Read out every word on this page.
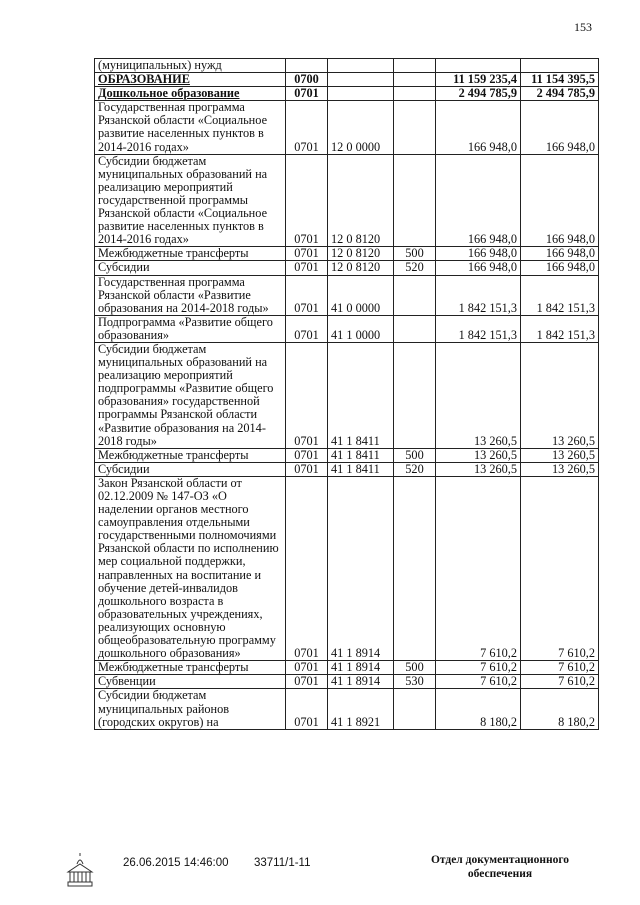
153
(муниципальных) нужд					
ОБРАЗОВАНИЕ	0700			11 159 235,4	11 154 395,5
Дошкольное образование	0701			2 494 785,9	2 494 785,9
Государственная программа Рязанской области «Социальное развитие населенных пунктов в 2014-2016 годах»	0701	12 0 0000		166 948,0	166 948,0
Субсидии бюджетам муниципальных образований на реализацию мероприятий государственной программы Рязанской области «Социальное развитие населенных пунктов в 2014-2016 годах»	0701	12 0 8120		166 948,0	166 948,0
Межбюджетные трансферты	0701	12 0 8120	500	166 948,0	166 948,0
Субсидии	0701	12 0 8120	520	166 948,0	166 948,0
Государственная программа Рязанской области «Развитие образования на 2014-2018 годы»	0701	41 0 0000		1 842 151,3	1 842 151,3
Подпрограмма «Развитие общего образования»	0701	41 1 0000		1 842 151,3	1 842 151,3
Субсидии бюджетам муниципальных образований на реализацию мероприятий подпрограммы «Развитие общего образования» государственной программы Рязанской области «Развитие образования на 2014-2018 годы»	0701	41 1 8411		13 260,5	13 260,5
Межбюджетные трансферты	0701	41 1 8411	500	13 260,5	13 260,5
Субсидии	0701	41 1 8411	520	13 260,5	13 260,5
Закон Рязанской области от 02.12.2009 № 147-ОЗ «О наделении органов местного самоуправления отдельными государственными полномочиями Рязанской области по исполнению мер социальной поддержки, направленных на воспитание и обучение детей-инвалидов дошкольного возраста в образовательных учреждениях, реализующих основную общеобразовательную программу дошкольного образования»	0701	41 1 8914		7 610,2	7 610,2
Межбюджетные трансферты	0701	41 1 8914	500	7 610,2	7 610,2
Субвенции	0701	41 1 8914	530	7 610,2	7 610,2
Субсидии бюджетам муниципальных районов (городских округов) на	0701	41 1 8921		8 180,2	8 180,2
26.06.2015 14:46:00 33711/1-11	Отдел документационного обеспечения
